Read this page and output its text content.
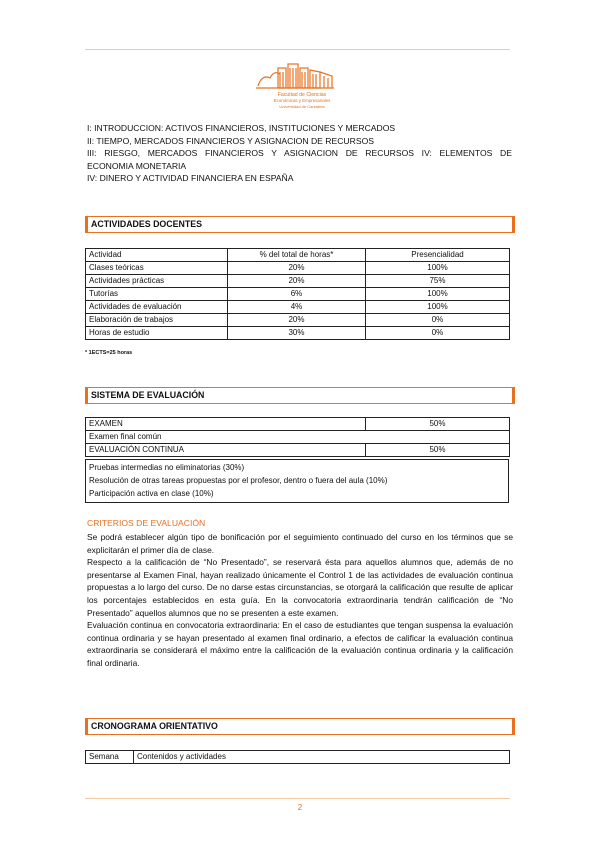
Facultad de Ciencias
Económicas y Empresariales
Universidad de Cantabria
I: INTRODUCCION: ACTIVOS FINANCIEROS, INSTITUCIONES Y MERCADOS
II: TIEMPO, MERCADOS FINANCIEROS Y ASIGNACION DE RECURSOS
III: RIESGO, MERCADOS FINANCIEROS Y ASIGNACION DE RECURSOS IV: ELEMENTOS DE
ECONOMIA MONETARIA
IV: DINERO Y ACTIVIDAD FINANCIERA EN ESPAÑA
ACTIVIDADES DOCENTES
Actividad	% del total de horas*	Presencialidad
Clases teóricas	20%	100%
Actividades prácticas	20%	75%
Tutorías	6%	100%
Actividades de evaluación	4%	100%
Elaboración de trabajos	20%	0%
Horas de estudio	30%	0%
* 1ECTS=25 horas
SISTEMA DE EVALUACIÓN
EXAMEN	50%
Examen final común	
EVALUACIÓN CONTINUA	50%
Pruebas intermedias no eliminatorias (30%)
Resolución de otras tareas propuestas por el profesor, dentro o fuera del aula (10%)
Participación activa en clase (10%)
CRITERIOS DE EVALUACIÓN

Se podrá establecer algún tipo de bonificación por el seguimiento continuado del curso en los términos que se explicitarán el primer día de clase.

Respecto a la calificación de “No Presentado”, se reservará ésta para aquellos alumnos que, además de no presentarse al Examen Final, hayan realizado únicamente el Control 1 de las actividades de evaluación continua propuestas a lo largo del curso. De no darse estas circunstancias, se otorgará la calificación que resulte de aplicar los porcentajes establecidos en esta guía. En la convocatoria extraordinaria tendrán calificación de “No Presentado” aquellos alumnos que no se presenten a este examen.

Evaluación continua en convocatoria extraordinaria: En el caso de estudiantes que tengan suspensa la evaluación continua ordinaria y se hayan presentado al examen final ordinario, a efectos de calificar la evaluación continua extraordinaria se considerará el máximo entre la calificación de la evaluación continua ordinaria y la calificación final ordinaria.

CRONOGRAMA ORIENTATIVO
Semana	Contenidos y actividades
2
